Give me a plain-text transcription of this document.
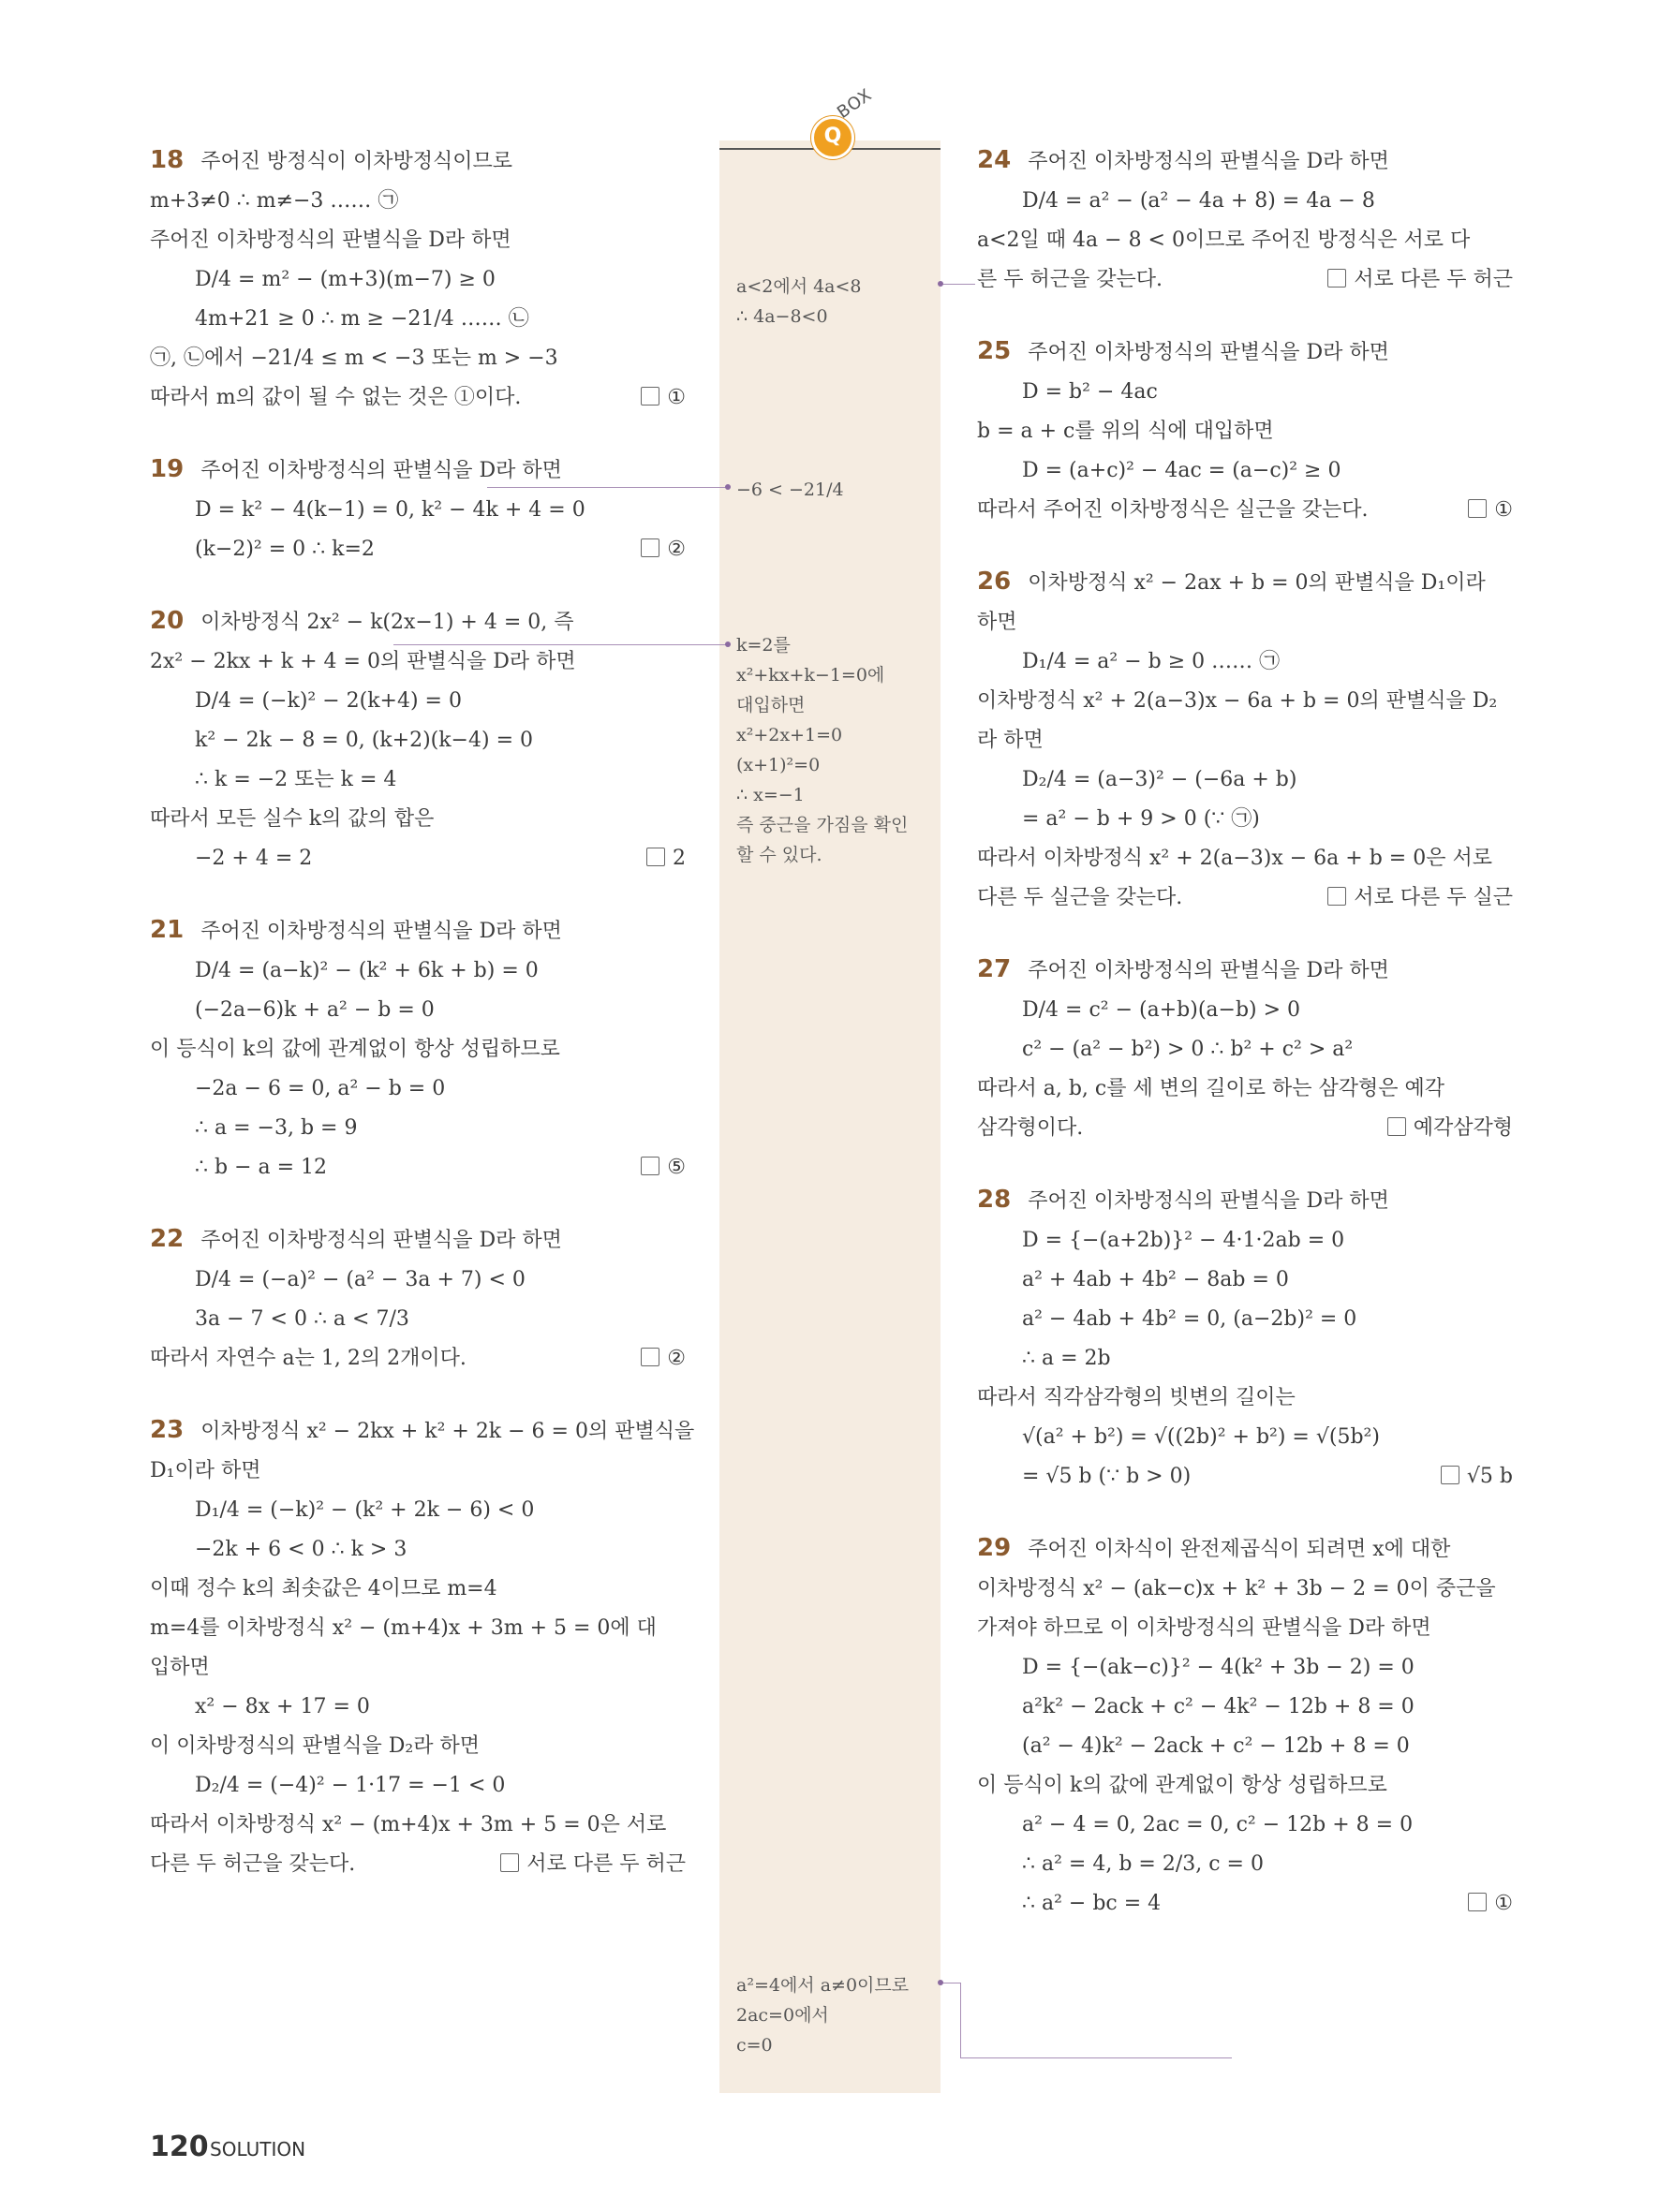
Q
BOX
18 주어진 방정식이 이차방정식이므로
m+3≠0 ∴ m≠−3 …… ㉠
주어진 이차방정식의 판별식을 D라 하면
D/4 = m² − (m+3)(m−7) ≥ 0
4m+21 ≥ 0 ∴ m ≥ −21/4 …… ㉡
㉠, ㉡에서 −21/4 ≤ m < −3 또는 m > −3
따라서 m의 값이 될 수 없는 것은 ①이다.	①
19 주어진 이차방정식의 판별식을 D라 하면
D = k² − 4(k−1) = 0, k² − 4k + 4 = 0
(k−2)² = 0 ∴ k=2	②
20 이차방정식 2x² − k(2x−1) + 4 = 0, 즉
2x² − 2kx + k + 4 = 0의 판별식을 D라 하면
D/4 = (−k)² − 2(k+4) = 0
k² − 2k − 8 = 0, (k+2)(k−4) = 0
∴ k = −2 또는 k = 4
따라서 모든 실수 k의 값의 합은
−2 + 4 = 2	2
21 주어진 이차방정식의 판별식을 D라 하면
D/4 = (a−k)² − (k² + 6k + b) = 0
(−2a−6)k + a² − b = 0
이 등식이 k의 값에 관계없이 항상 성립하므로
−2a − 6 = 0, a² − b = 0
∴ a = −3, b = 9
∴ b − a = 12	⑤
22 주어진 이차방정식의 판별식을 D라 하면
D/4 = (−a)² − (a² − 3a + 7) < 0
3a − 7 < 0 ∴ a < 7/3
따라서 자연수 a는 1, 2의 2개이다.	②
23 이차방정식 x² − 2kx + k² + 2k − 6 = 0의 판별식을
D₁이라 하면
D₁/4 = (−k)² − (k² + 2k − 6) < 0
−2k + 6 < 0 ∴ k > 3
이때 정수 k의 최솟값은 4이므로 m=4
m=4를 이차방정식 x² − (m+4)x + 3m + 5 = 0에 대
입하면
x² − 8x + 17 = 0
이 이차방정식의 판별식을 D₂라 하면
D₂/4 = (−4)² − 1·17 = −1 < 0
따라서 이차방정식 x² − (m+4)x + 3m + 5 = 0은 서로
다른 두 허근을 갖는다.	서로 다른 두 허근
24 주어진 이차방정식의 판별식을 D라 하면
D/4 = a² − (a² − 4a + 8) = 4a − 8
a<2일 때 4a − 8 < 0이므로 주어진 방정식은 서로 다
른 두 허근을 갖는다.	서로 다른 두 허근
25 주어진 이차방정식의 판별식을 D라 하면
D = b² − 4ac
b = a + c를 위의 식에 대입하면
D = (a+c)² − 4ac = (a−c)² ≥ 0
따라서 주어진 이차방정식은 실근을 갖는다.	①
26 이차방정식 x² − 2ax + b = 0의 판별식을 D₁이라
하면
D₁/4 = a² − b ≥ 0 …… ㉠
이차방정식 x² + 2(a−3)x − 6a + b = 0의 판별식을 D₂
라 하면
D₂/4 = (a−3)² − (−6a + b)
= a² − b + 9 > 0 (∵ ㉠)
따라서 이차방정식 x² + 2(a−3)x − 6a + b = 0은 서로
다른 두 실근을 갖는다.	서로 다른 두 실근
27 주어진 이차방정식의 판별식을 D라 하면
D/4 = c² − (a+b)(a−b) > 0
c² − (a² − b²) > 0 ∴ b² + c² > a²
따라서 a, b, c를 세 변의 길이로 하는 삼각형은 예각
삼각형이다.	예각삼각형
28 주어진 이차방정식의 판별식을 D라 하면
D = {−(a+2b)}² − 4·1·2ab = 0
a² + 4ab + 4b² − 8ab = 0
a² − 4ab + 4b² = 0, (a−2b)² = 0
∴ a = 2b
따라서 직각삼각형의 빗변의 길이는
√(a² + b²) = √((2b)² + b²) = √(5b²)
= √5 b (∵ b > 0)	√5 b
29 주어진 이차식이 완전제곱식이 되려면 x에 대한
이차방정식 x² − (ak−c)x + k² + 3b − 2 = 0이 중근을
가져야 하므로 이 이차방정식의 판별식을 D라 하면
D = {−(ak−c)}² − 4(k² + 3b − 2) = 0
a²k² − 2ack + c² − 4k² − 12b + 8 = 0
(a² − 4)k² − 2ack + c² − 12b + 8 = 0
이 등식이 k의 값에 관계없이 항상 성립하므로
a² − 4 = 0, 2ac = 0, c² − 12b + 8 = 0
∴ a² = 4, b = 2/3, c = 0
∴ a² − bc = 4	①
a<2에서 4a<8
∴ 4a−8<0
−6 < −21/4
k=2를
x²+kx+k−1=0에
대입하면
x²+2x+1=0
(x+1)²=0
∴ x=−1
즉 중근을 가짐을 확인
할 수 있다.
a²=4에서 a≠0이므로
2ac=0에서
c=0
120 SOLUTION
